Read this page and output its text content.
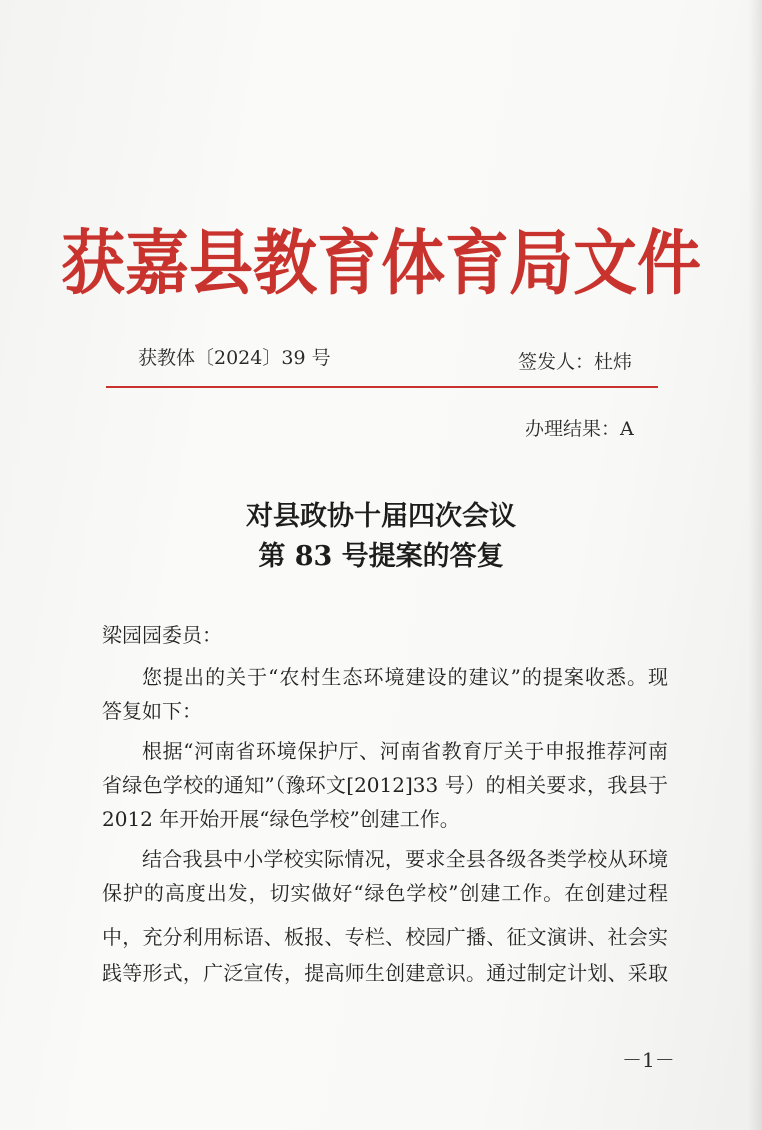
获嘉县教育体育局文件
获教体〔2024〕39 号	签发人：杜炜
办理结果：A
对县政协十届四次会议
第 83 号提案的答复
梁园园委员：
您提出的关于“农村生态环境建设的建议”的提案收悉。现
答复如下：
根据“河南省环境保护厅、河南省教育厅关于申报推荐河南
省绿色学校的通知”（豫环文[2012]33 号）的相关要求，我县于
2012 年开始开展“绿色学校”创建工作。
结合我县中小学校实际情况，要求全县各级各类学校从环境
保护的高度出发，切实做好“绿色学校”创建工作。在创建过程
中，充分利用标语、板报、专栏、校园广播、征文演讲、社会实
践等形式，广泛宣传，提高师生创建意识。通过制定计划、采取
－1－
